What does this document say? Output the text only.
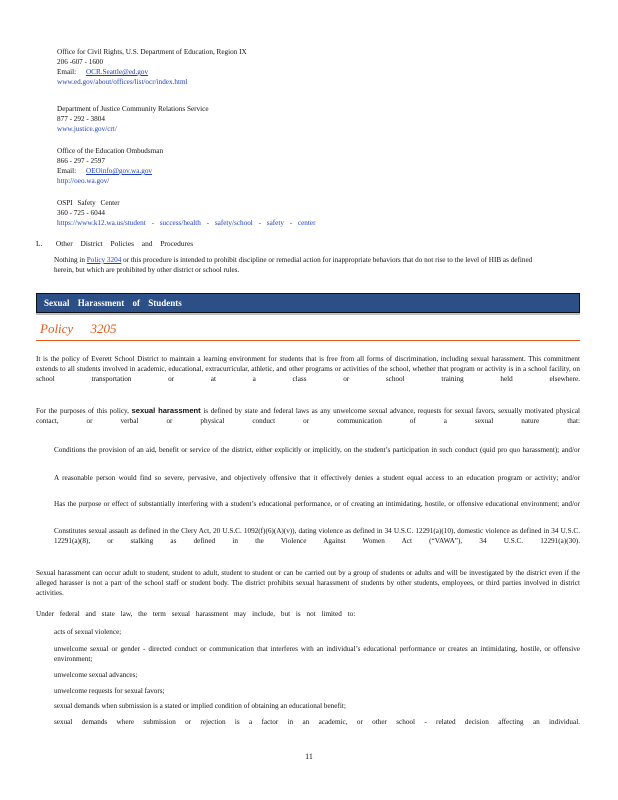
Office for Civil Rights, U.S. Department of Education, Region IX
206 -607 - 1600
Email: OCR.Seattle@ed.gov
www.ed.gov/about/offices/list/ocr/index.html
Department of Justice Community Relations Service
877 - 292 - 3804
www.justice.gov/crt/
Office of the Education Ombudsman
866 - 297 - 2597
Email: OEOinfo@gov.wa.gov
http://oeo.wa.gov/
OSPI Safety Center
360 - 725 - 6044
https://www.k12.wa.us/student - success/health - safety/school - safety - center
L. Other District Policies and Procedures
Nothing in Policy 3204 or this procedure is intended to prohibit discipline or remedial action for inappropriate behaviors that do not rise to the level of HIB as defined herein, but which are prohibited by other district or school rules.
Sexual Harassment of Students
Policy 3205
It is the policy of Everett School District to maintain a learning environment for students that is free from all forms of discrimination, including sexual harassment. This commitment extends to all students involved in academic, educational, extracurricular, athletic, and other programs or activities of the school, whether that program or activity is in a school facility, on school transportation or at a class or school training held elsewhere.
For the purposes of this policy, sexual harassment is defined by state and federal laws as any unwelcome sexual advance, requests for sexual favors, sexually motivated physical contact, or verbal or physical conduct or communication of a sexual nature that:
Conditions the provision of an aid, benefit or service of the district, either explicitly or implicitly, on the student’s participation in such conduct (quid pro quo harassment); and/or
A reasonable person would find so severe, pervasive, and objectively offensive that it effectively denies a student equal access to an education program or activity; and/or
Has the purpose or effect of substantially interfering with a student’s educational performance, or of creating an intimidating, hostile, or offensive educational environment; and/or
Constitutes sexual assault as defined in the Clery Act, 20 U.S.C. 1092(f)(6)(A)(v)), dating violence as defined in 34 U.S.C. 12291(a)(10), domestic violence as defined in 34 U.S.C. 12291(a)(8), or stalking as defined in the Violence Against Women Act (“VAWA”), 34 U.S.C. 12291(a)(30).
Sexual harassment can occur adult to student, student to adult, student to student or can be carried out by a group of students or adults and will be investigated by the district even if the alleged harasser is not a part of the school staff or student body. The district prohibits sexual harassment of students by other students, employees, or third parties involved in district activities.
Under federal and state law, the term sexual harassment may include, but is not limited to:
acts of sexual violence;
unwelcome sexual or gender - directed conduct or communication that interferes with an individual’s educational performance or creates an intimidating, hostile, or offensive environment;
unwelcome sexual advances;
unwelcome requests for sexual favors;
sexual demands when submission is a stated or implied condition of obtaining an educational benefit;
sexual demands where submission or rejection is a factor in an academic, or other school - related decision affecting an individual.
11
